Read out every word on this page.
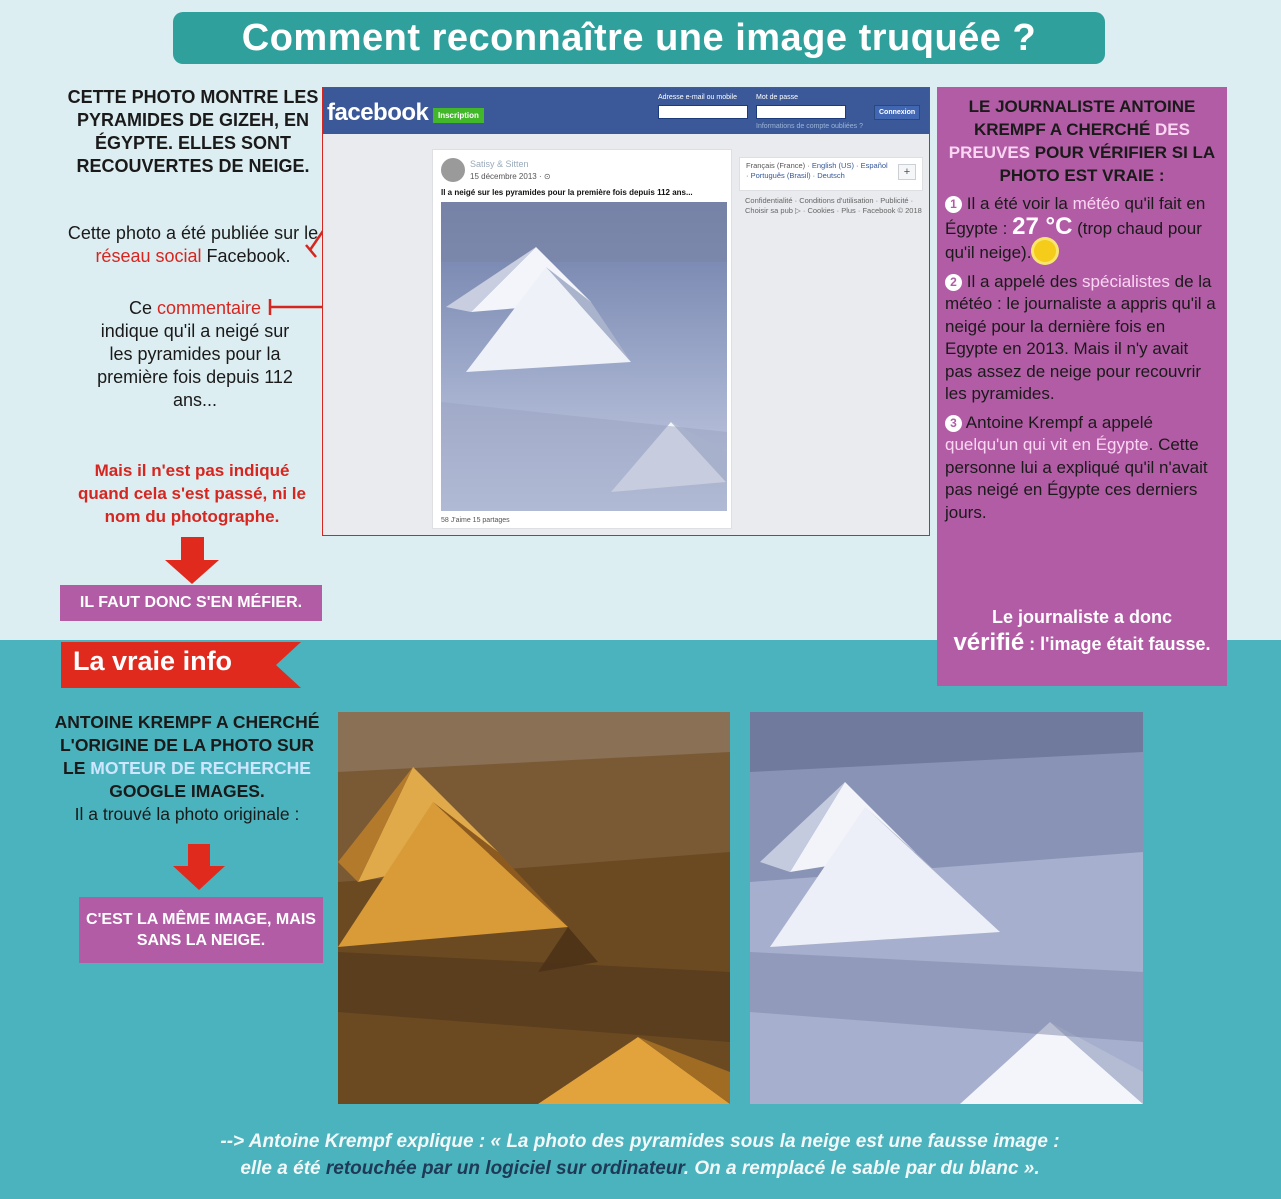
Comment reconnaître une image truquée ?
CETTE PHOTO MONTRE LES PYRAMIDES DE GIZEH, EN ÉGYPTE. ELLES SONT RECOUVERTES DE NEIGE.
Cette photo a été publiée sur le réseau social Facebook.
Ce commentaire
indique qu'il a neigé sur les pyramides pour la première fois depuis 112 ans...
Mais il n'est pas indiqué quand cela s'est passé, ni le nom du photographe.
IL FAUT DONC S'EN MÉFIER.
facebook	Inscription
Adresse e-mail ou mobile	Mot de passe
Connexion
Informations de compte oubliées ?
Satisy & Sitten
15 décembre 2013 · ⊙
Il a neigé sur les pyramides pour la première fois depuis 112 ans...
58 J'aime 15 partages
Français (France) · English (US) · Español
· Português (Brasil) · Deutsch	+
Confidentialité · Conditions d'utilisation · Publicité · Choisir sa pub ▷ · Cookies · Plus · Facebook © 2018
LE JOURNALISTE ANTOINE KREMPF A CHERCHÉ DES PREUVES POUR VÉRIFIER SI LA PHOTO EST VRAIE :

1 Il a été voir la météo qu'il fait en Égypte : 27 °C (trop chaud pour qu'il neige).

2 Il a appelé des spécialistes de la météo : le journaliste a appris qu'il a neigé pour la dernière fois en Egypte en 2013. Mais il n'y avait pas assez de neige pour recouvrir les pyramides.

3 Antoine Krempf a appelé quelqu'un qui vit en Égypte. Cette personne lui a expliqué qu'il n'avait pas neigé en Égypte ces derniers jours.

Le journaliste a donc
vérifié : l'image était fausse.
La vraie info
ANTOINE KREMPF A CHERCHÉ L'ORIGINE DE LA PHOTO SUR LE MOTEUR DE RECHERCHE GOOGLE IMAGES.
Il a trouvé la photo originale :
C'EST LA MÊME IMAGE, MAIS SANS LA NEIGE.
--> Antoine Krempf explique : « La photo des pyramides sous la neige est une fausse image :
elle a été retouchée par un logiciel sur ordinateur. On a remplacé le sable par du blanc ».
